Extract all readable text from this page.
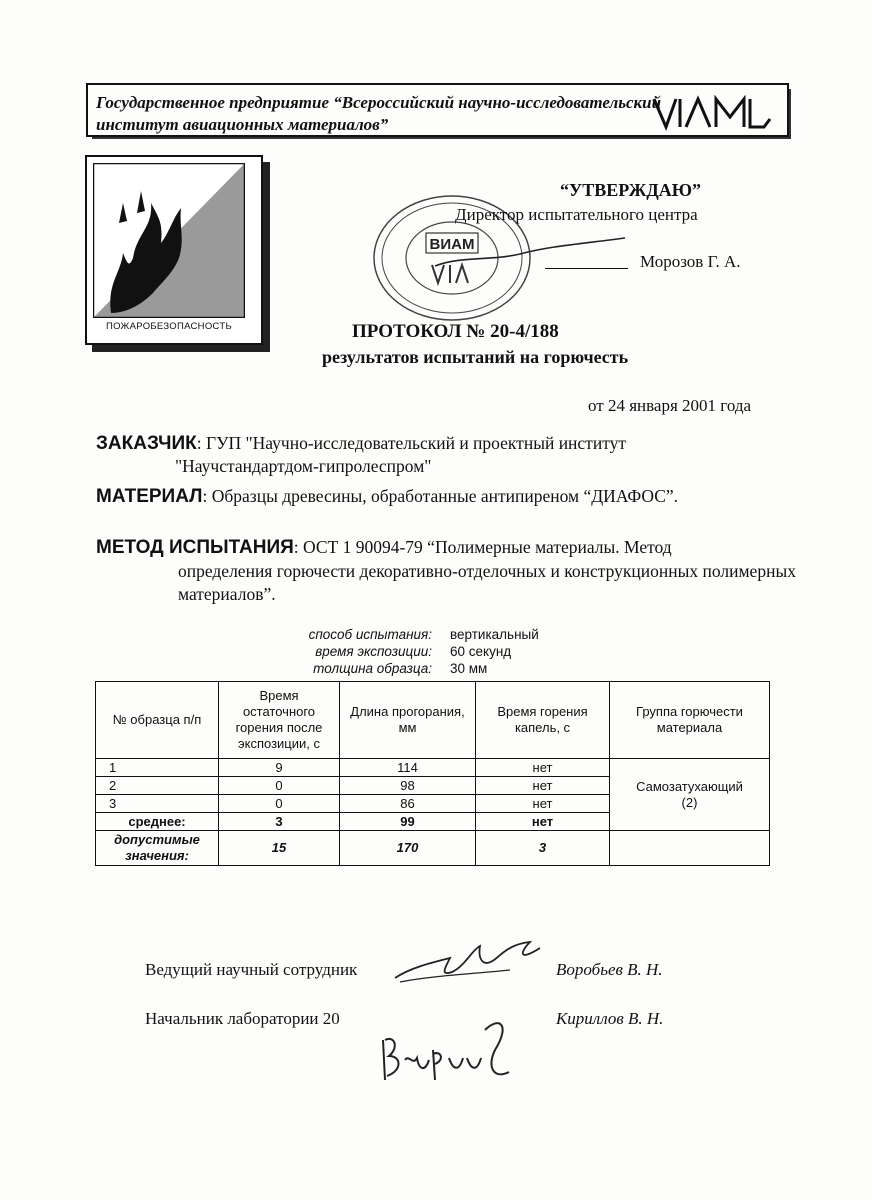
Государственное предприятие “Всероссийский научно-исследовательский институт авиационных материалов”
ПОЖАРОБЕЗОПАСНОСТЬ
ВИАМ
“УТВЕРЖДАЮ”
Директор испытательного центра
Морозов Г. А.
ПРОТОКОЛ № 20-4/188
результатов испытаний на горючесть
от 24 января 2001 года
ЗАКАЗЧИК: ГУП "Научно-исследовательский и проектный институт
"Научстандартдом-гипролеспром"
МАТЕРИАЛ: Образцы древесины, обработанные антипиреном “ДИАФОС”.
МЕТОД ИСПЫТАНИЯ: ОСТ 1 90094-79 “Полимерные материалы. Метод
определения горючести декоративно-отделочных и конструкционных полимерных материалов”.
способ испытания: вертикальный
время экспозиции: 60 секунд
толщина образца: 30 мм
№ образца п/п	Время остаточного горения после экспозиции, с	Длина прогорания, мм	Время горения капель, с	Группа горючести материала
1	9	114	нет	Самозатухающий (2)
2	0	98	нет	
3	0	86	нет	
среднее:	3	99	нет	
допустимые значения:	15	170	3	
Ведущий научный сотрудник	Воробьев В. Н.
Начальник лаборатории 20	Кириллов В. Н.
